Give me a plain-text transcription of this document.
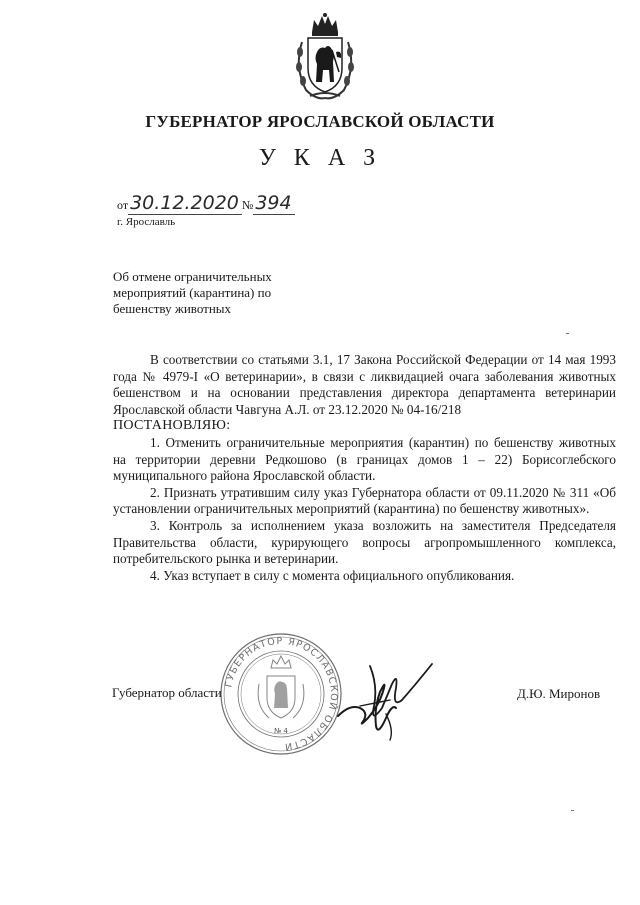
ГУБЕРНАТОР ЯРОСЛАВСКОЙ ОБЛАСТИ
У К А З
от 30.12.2020 № 394
г. Ярославль
Об отмене ограничительных
мероприятий (карантина) по
бешенству животных

В соответствии со статьями 3.1, 17 Закона Российской Федерации от 14 мая 1993 года № 4979-I «О ветеринарии», в связи с ликвидацией очага заболевания животных бешенством и на основании представления директора департамента ветеринарии Ярославской области Чавгуна А.Л. от 23.12.2020 № 04-16/218

ПОСТАНОВЛЯЮ:

1. Отменить ограничительные мероприятия (карантин) по бешенству животных на территории деревни Редкошово (в границах домов 1 – 22) Борисоглебского муниципального района Ярославской области.

2. Признать утратившим силу указ Губернатора области от 09.11.2020 № 311 «Об установлении ограничительных мероприятий (карантина) по бешенству животных».

3. Контроль за исполнением указа возложить на заместителя Председателя Правительства области, курирующего вопросы агропромышленного комплекса, потребительского рынка и ветеринарии.

4. Указ вступает в силу с момента официального опубликования.

Губернатор области
ГУБЕРНАТОР ЯРОСЛАВСКОЙ ОБЛАСТИ
№ 4
Д.Ю. Миронов
